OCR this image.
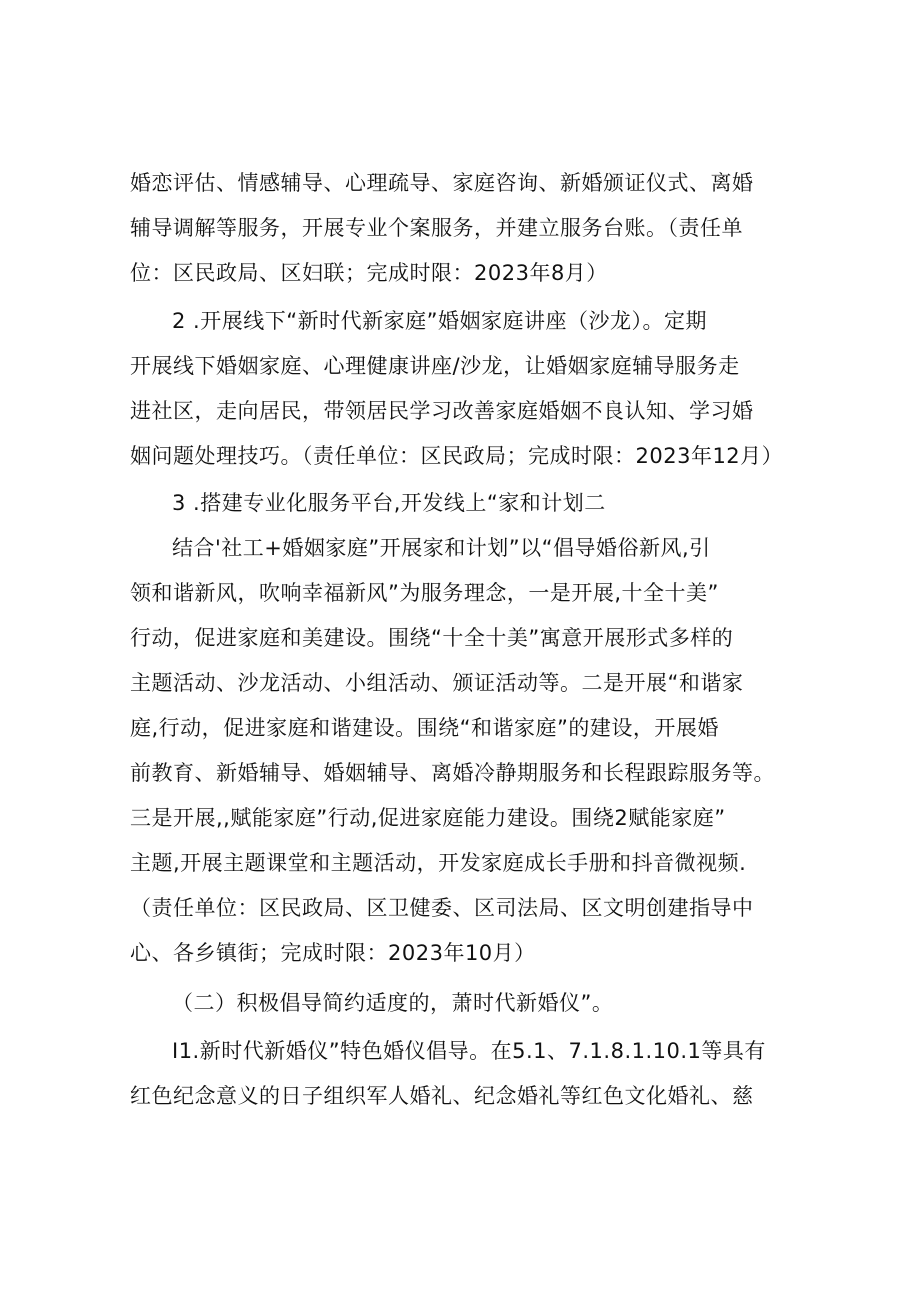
婚恋评估、情感辅导、心理疏导、家庭咨询、新婚颁证仪式、离婚
辅导调解等服务，开展专业个案服务，并建立服务台账。（责任单
位：区民政局、区妇联；完成时限：2023年8月）
2 .开展线下“新时代新家庭”婚姻家庭讲座（沙龙）。定期
开展线下婚姻家庭、心理健康讲座/沙龙，让婚姻家庭辅导服务走
进社区，走向居民，带领居民学习改善家庭婚姻不良认知、学习婚
姻问题处理技巧。（责任单位：区民政局；完成时限：2023年12月）
3 .搭建专业化服务平台,开发线上“家和计划二
结合'社工+婚姻家庭”开展家和计划”以“倡导婚俗新风,引
领和谐新风，吹响幸福新风”为服务理念，一是开展,十全十美”
行动，促进家庭和美建设。围绕“十全十美”寓意开展形式多样的
主题活动、沙龙活动、小组活动、颁证活动等。二是开展“和谐家
庭,行动，促进家庭和谐建设。围绕“和谐家庭”的建设，开展婚
前教育、新婚辅导、婚姻辅导、离婚冷静期服务和长程跟踪服务等。
三是开展,,赋能家庭”行动,促进家庭能力建设。围绕2赋能家庭”
主题,开展主题课堂和主题活动，开发家庭成长手册和抖音微视频.
（责任单位：区民政局、区卫健委、区司法局、区文明创建指导中
心、各乡镇街；完成时限：2023年10月）
（二）积极倡导简约适度的，萧时代新婚仪”。
I1.新时代新婚仪”特色婚仪倡导。在5.1、7.1.8.1.10.1等具有
红色纪念意义的日子组织军人婚礼、纪念婚礼等红色文化婚礼、慈
